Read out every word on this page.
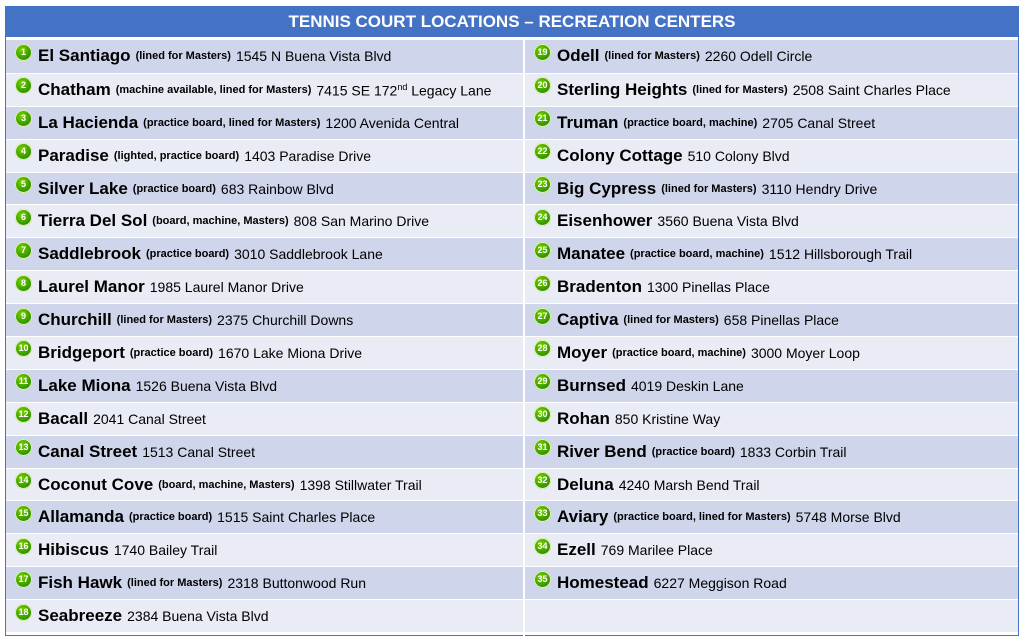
TENNIS COURT LOCATIONS – RECREATION CENTERS
1 El Santiago (lined for Masters) 1545 N Buena Vista Blvd
2 Chatham (machine available, lined for Masters) 7415 SE 172nd Legacy Lane
3 La Hacienda (practice board, lined for Masters) 1200 Avenida Central
4 Paradise (lighted, practice board) 1403 Paradise Drive
5 Silver Lake (practice board) 683 Rainbow Blvd
6 Tierra Del Sol (board, machine, Masters) 808 San Marino Drive
7 Saddlebrook (practice board) 3010 Saddlebrook Lane
8 Laurel Manor 1985 Laurel Manor Drive
9 Churchill (lined for Masters) 2375 Churchill Downs
10 Bridgeport (practice board) 1670 Lake Miona Drive
11 Lake Miona 1526 Buena Vista Blvd
12 Bacall 2041 Canal Street
13 Canal Street 1513 Canal Street
14 Coconut Cove (board, machine, Masters) 1398 Stillwater Trail
15 Allamanda (practice board) 1515 Saint Charles Place
16 Hibiscus 1740 Bailey Trail
17 Fish Hawk (lined for Masters) 2318 Buttonwood Run
18 Seabreeze 2384 Buena Vista Blvd
19 Odell (lined for Masters) 2260 Odell Circle
20 Sterling Heights (lined for Masters) 2508 Saint Charles Place
21 Truman (practice board, machine) 2705 Canal Street
22 Colony Cottage 510 Colony Blvd
23 Big Cypress (lined for Masters) 3110 Hendry Drive
24 Eisenhower 3560 Buena Vista Blvd
25 Manatee (practice board, machine) 1512 Hillsborough Trail
26 Bradenton 1300 Pinellas Place
27 Captiva (lined for Masters) 658 Pinellas Place
28 Moyer (practice board, machine) 3000 Moyer Loop
29 Burnsed 4019 Deskin Lane
30 Rohan 850 Kristine Way
31 River Bend (practice board) 1833 Corbin Trail
32 Deluna 4240 Marsh Bend Trail
33 Aviary (practice board, lined for Masters) 5748 Morse Blvd
34 Ezell 769 Marilee Place
35 Homestead 6227 Meggison Road
